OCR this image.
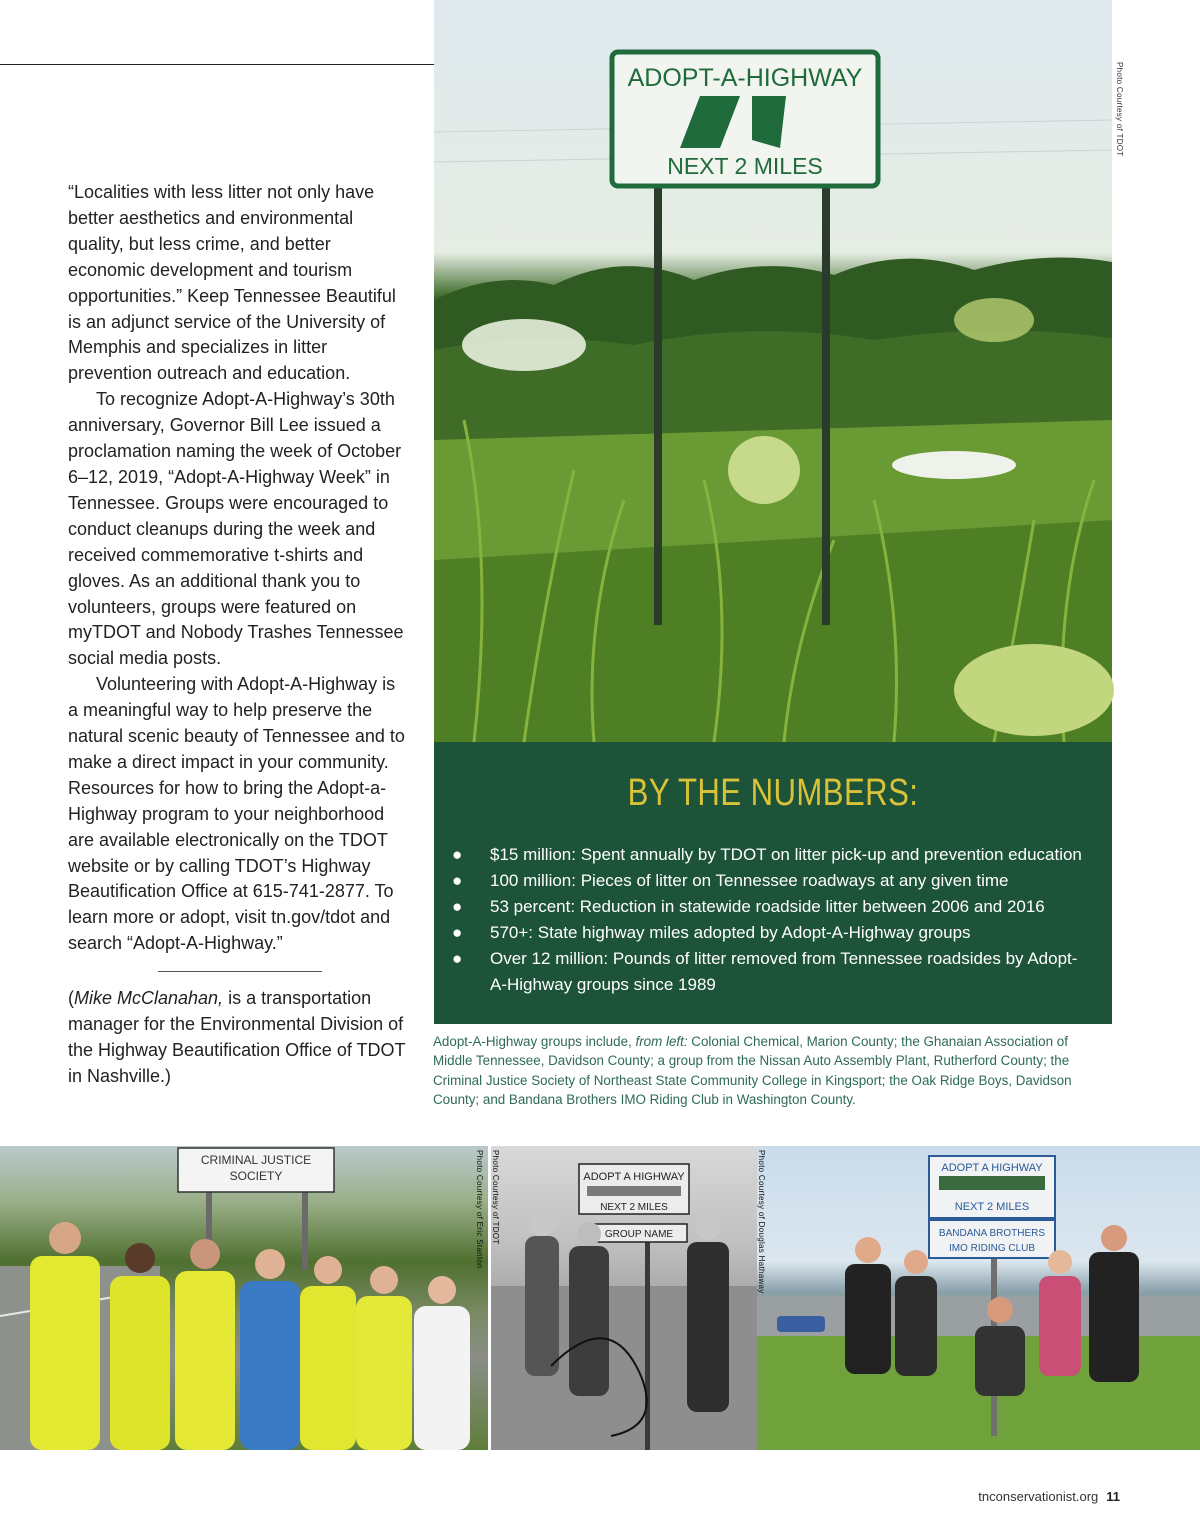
“Localities with less litter not only have better aesthetics and environmental quality, but less crime, and better economic development and tourism opportunities.” Keep Tennessee Beautiful is an adjunct service of the University of Memphis and specializes in litter prevention outreach and education.

To recognize Adopt-A-Highway’s 30th anniversary, Governor Bill Lee issued a proclamation naming the week of October 6–12, 2019, “Adopt-A-Highway Week” in Tennessee. Groups were encouraged to conduct cleanups during the week and received commemorative t-shirts and gloves. As an additional thank you to volunteers, groups were featured on myTDOT and Nobody Trashes Tennessee social media posts.

Volunteering with Adopt-A-Highway is a meaningful way to help preserve the natural scenic beauty of Tennessee and to make a direct impact in your community. Resources for how to bring the Adopt-a-Highway program to your neighborhood are available electronically on the TDOT website or by calling TDOT’s Highway Beautification Office at 615-741-2877. To learn more or adopt, visit tn.gov/tdot and search “Adopt-A-Highway.”

(Mike McClanahan, is a transportation manager for the Environmental Division of the Highway Beautification Office of TDOT in Nashville.)

ADOPT-A-HIGHWAY
NEXT 2 MILES
Photo Courtesy of TDOT
BY THE NUMBERS:
● $15 million: Spent annually by TDOT on litter pick-up and prevention education
● 100 million: Pieces of litter on Tennessee roadways at any given time
● 53 percent: Reduction in statewide roadside litter between 2006 and 2016
● 570+: State highway miles adopted by Adopt-A-Highway groups
● Over 12 million: Pounds of litter removed from Tennessee roadsides by Adopt-A-Highway groups since 1989
Adopt-A-Highway groups include, from left: Colonial Chemical, Marion County; the Ghanaian Association of Middle Tennessee, Davidson County; a group from the Nissan Auto Assembly Plant, Rutherford County; the Criminal Justice Society of Northeast State Community College in Kingsport; the Oak Ridge Boys, Davidson County; and Bandana Brothers IMO Riding Club in Washington County.
CRIMINAL JUSTICE
SOCIETY	Photo Courtesy of Eric Stanton	ADOPT A HIGHWAY
NEXT 2 MILES
GROUP NAME
Photo Courtesy of TDOT	ADOPT A HIGHWAY
NEXT 2 MILES
BANDANA BROTHERS
IMO RIDING CLUB
Photo Courtesy of Douglas Hathaway
tnconservationist.org 11
